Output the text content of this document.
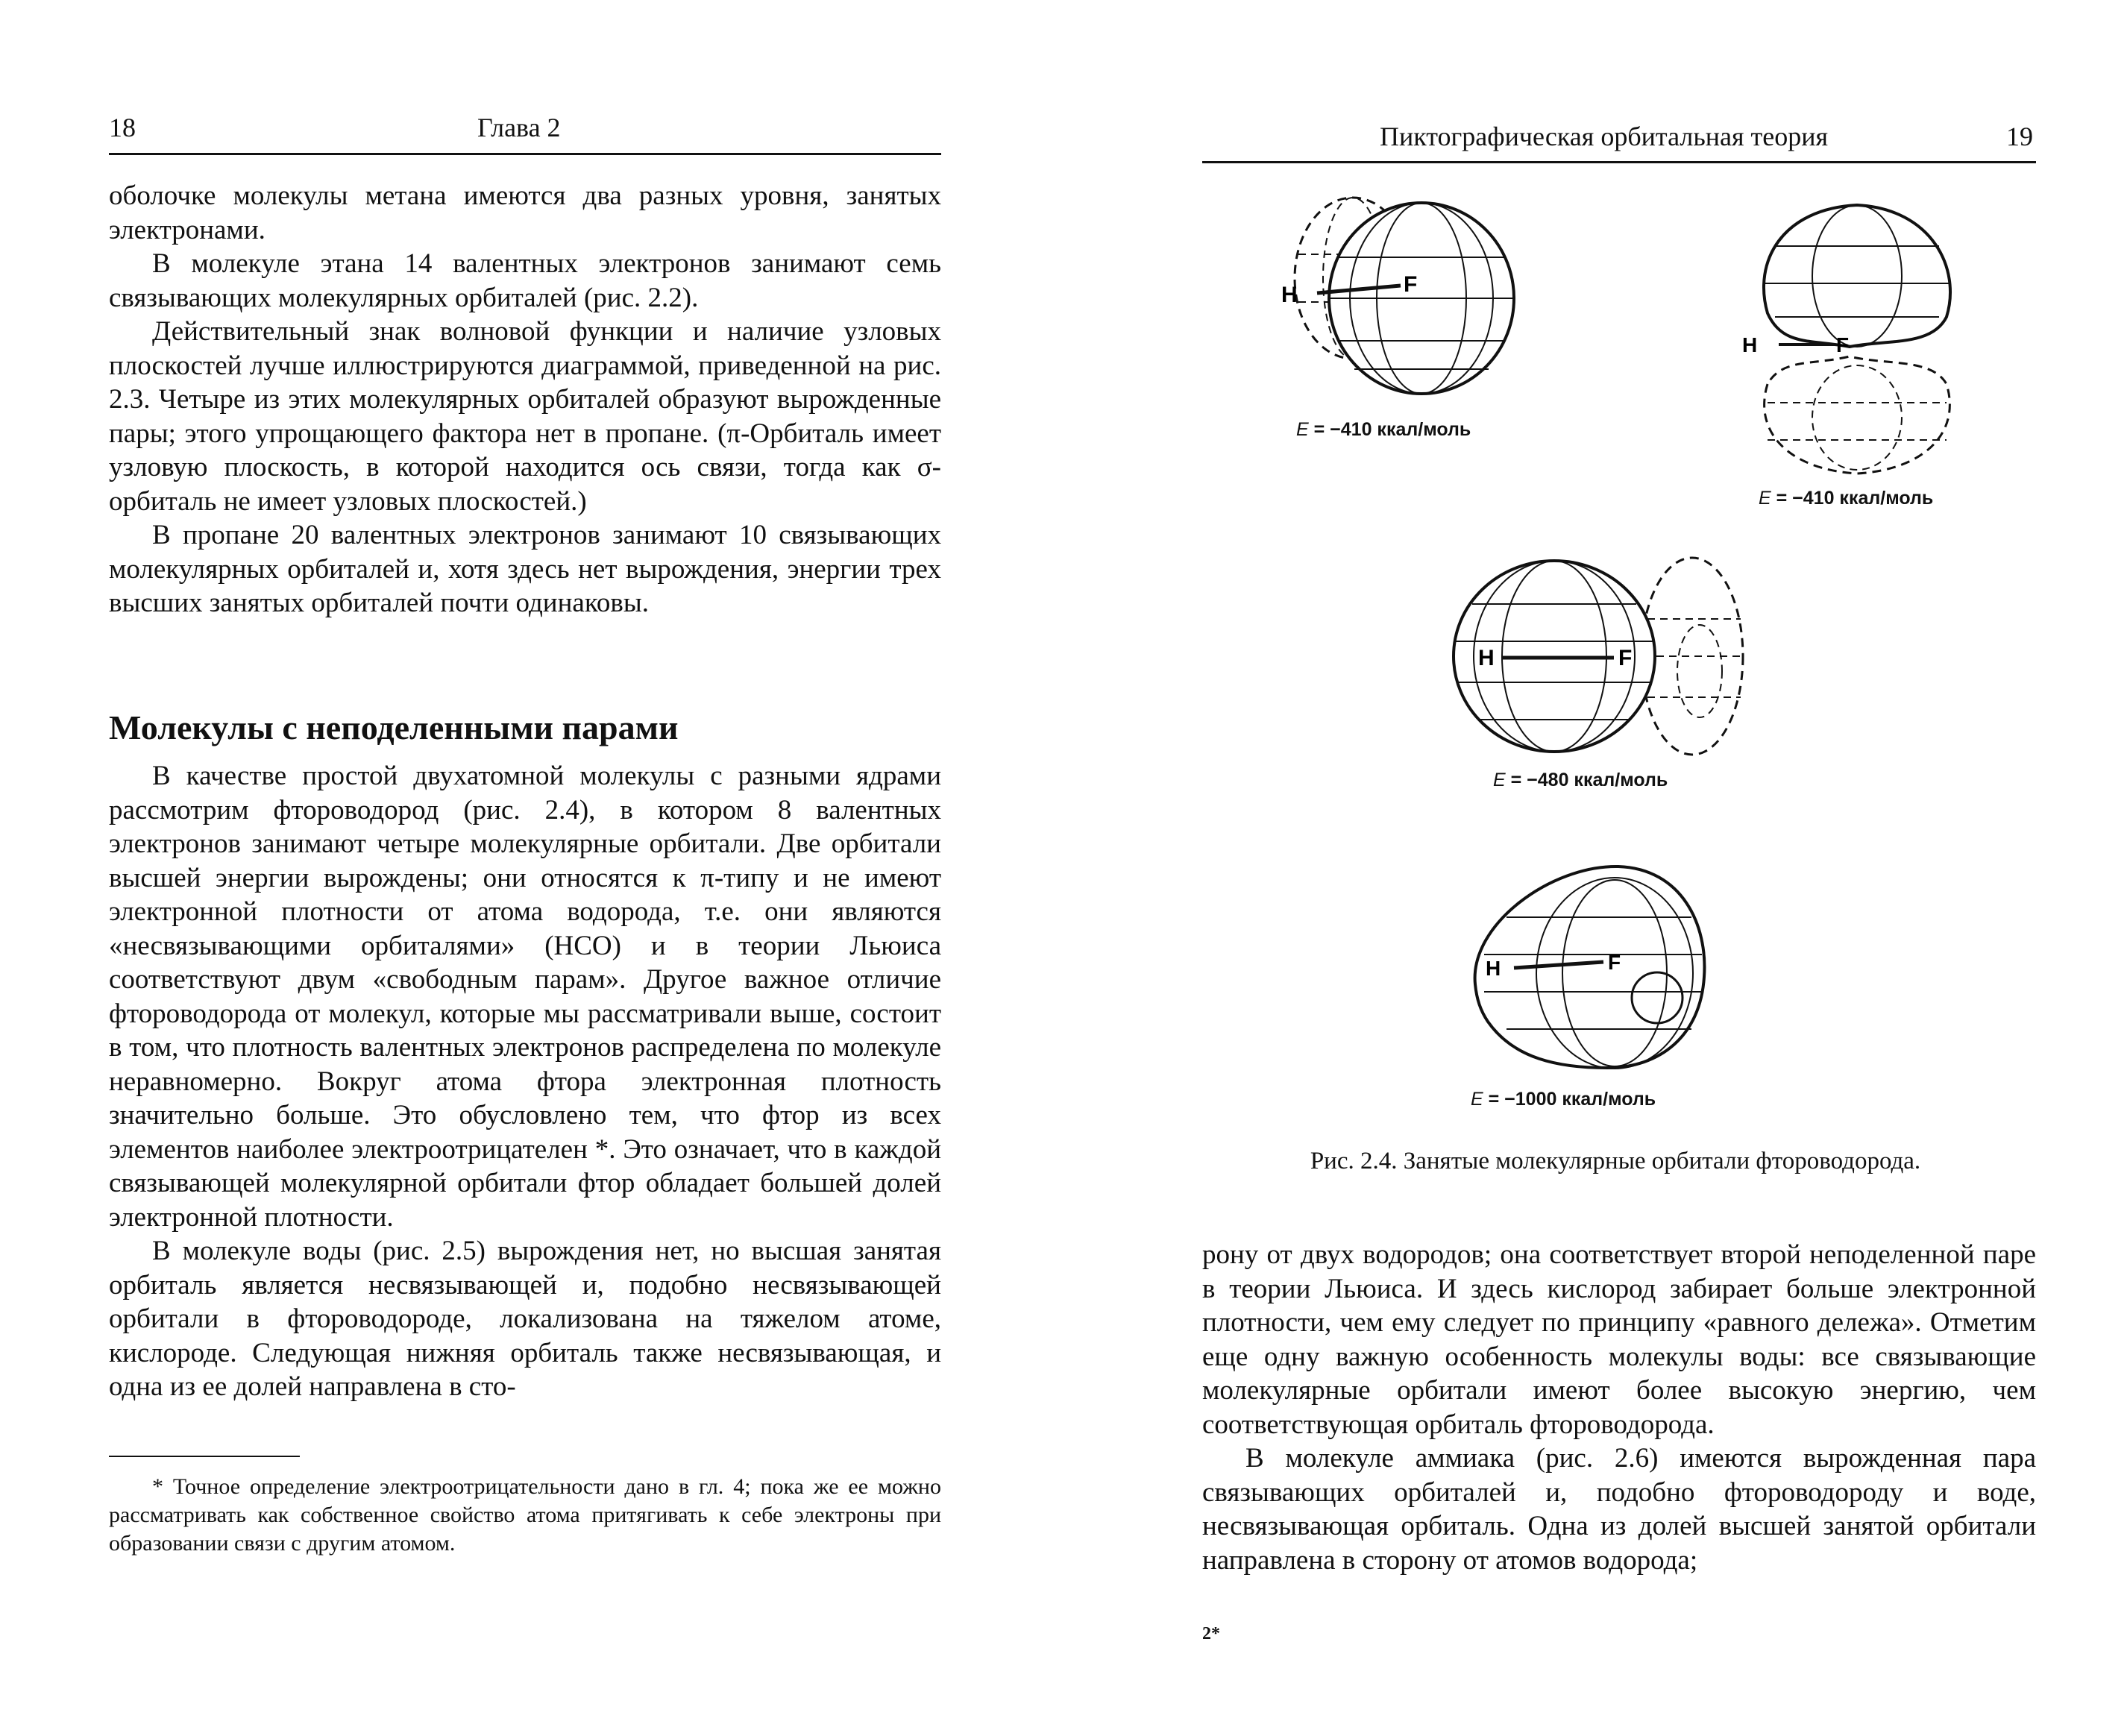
18	Глава 2

оболочке молекулы метана имеются два разных уровня, занятых электронами.

В молекуле этана 14 валентных электронов занимают семь связывающих молекулярных орбиталей (рис. 2.2).

Действительный знак волновой функции и наличие узловых плоскостей лучше иллюстрируются диаграммой, приведенной на рис. 2.3. Четыре из этих молекулярных орбиталей образуют вырожденные пары; этого упрощающего фактора нет в пропане. (π-Орбиталь имеет узловую плоскость, в которой находится ось связи, тогда как σ-орбиталь не имеет узловых плоскостей.)

В пропане 20 валентных электронов занимают 10 связывающих молекулярных орбиталей и, хотя здесь нет вырождения, энергии трех высших занятых орбиталей почти одинаковы.

Молекулы с неподеленными парами

В качестве простой двухатомной молекулы с разными ядрами рассмотрим фтороводород (рис. 2.4), в котором 8 валентных электронов занимают четыре молекулярные орбитали. Две орбитали высшей энергии вырождены; они относятся к π-типу и не имеют электронной плотности от атома водорода, т.е. они являются «несвязывающими орбиталями» (НСО) и в теории Льюиса соответствуют двум «свободным парам». Другое важное отличие фтороводорода от молекул, которые мы рассматривали выше, состоит в том, что плотность валентных электронов распределена по молекуле неравномерно. Вокруг атома фтора электронная плотность значительно больше. Это обусловлено тем, что фтор из всех элементов наиболее электроотрицателен *. Это означает, что в каждой связывающей молекулярной орбитали фтор обладает большей долей электронной плотности.

В молекуле воды (рис. 2.5) вырождения нет, но высшая занятая орбиталь является несвязывающей и, подобно несвязывающей орбитали в фтороводороде, локализована на тяжелом атоме, кислороде. Следующая нижняя орбиталь также несвязывающая, и одна из ее долей направлена в сто-

* Точное определение электроотрицательности дано в гл. 4; пока же ее можно рассматривать как собственное свойство атома притягивать к себе электроны при образовании связи с другим атомом.

Пиктографическая орбитальная теория	19
H	F
E = −410 ккал/моль
H	F
E = −410 ккал/моль
H	F
E = −480 ккал/моль
H	F
E = −1000 ккал/моль
Рис. 2.4. Занятые молекулярные орбитали фтороводорода.

рону от двух водородов; она соответствует второй неподеленной паре в теории Льюиса. И здесь кислород забирает больше электронной плотности, чем ему следует по принципу «равного дележа». Отметим еще одну важную особенность молекулы воды: все связывающие молекулярные орбитали имеют более высокую энергию, чем соответствующая орбиталь фтороводорода.

В молекуле аммиака (рис. 2.6) имеются вырожденная пара связывающих орбиталей и, подобно фтороводороду и воде, несвязывающая орбиталь. Одна из долей высшей занятой орбитали направлена в сторону от атомов водорода;

2*
